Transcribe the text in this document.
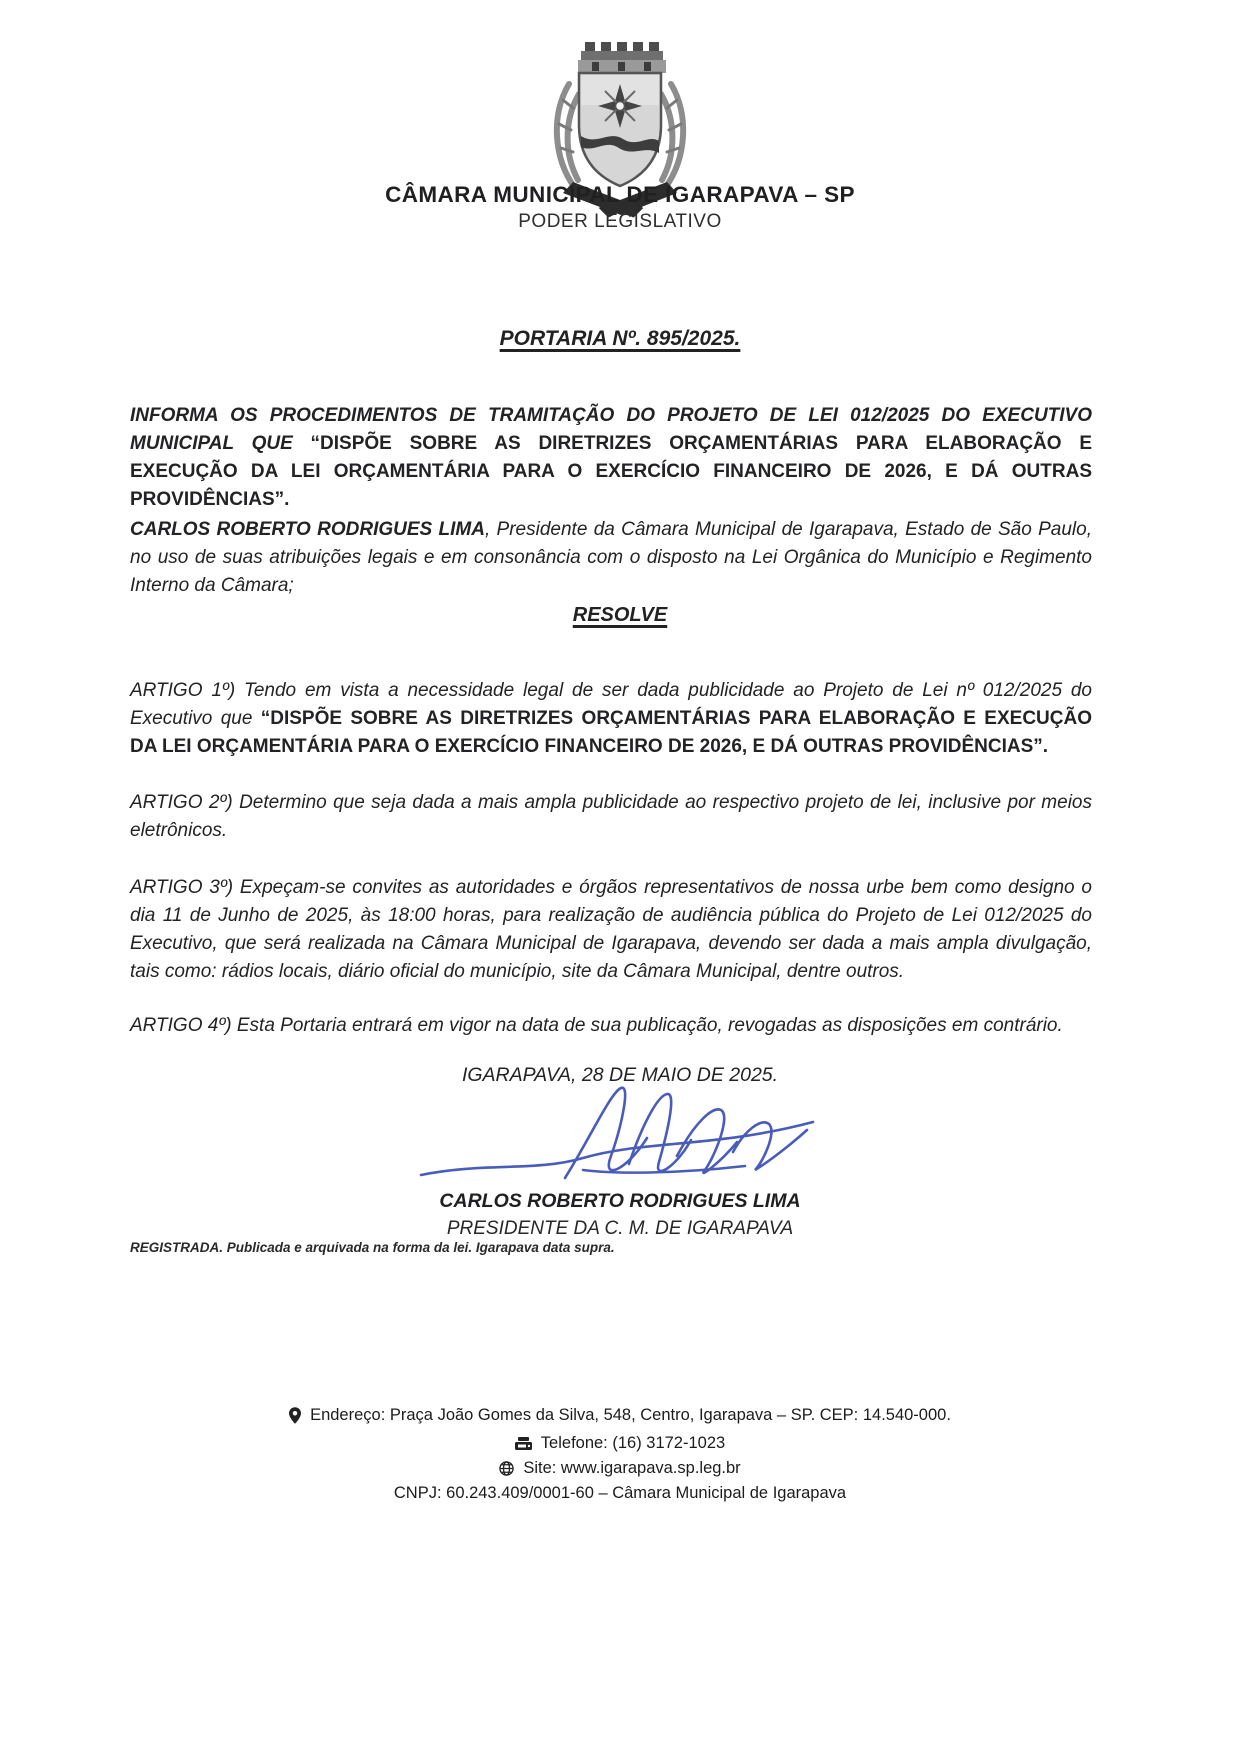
CÂMARA MUNICIPAL DE IGARAPAVA – SP
PODER LEGISLATIVO
PORTARIA Nº. 895/2025.

INFORMA OS PROCEDIMENTOS DE TRAMITAÇÃO DO PROJETO DE LEI 012/2025 DO EXECUTIVO MUNICIPAL QUE “DISPÕE SOBRE AS DIRETRIZES ORÇAMENTÁRIAS PARA ELABORAÇÃO E EXECUÇÃO DA LEI ORÇAMENTÁRIA PARA O EXERCÍCIO FINANCEIRO DE 2026, E DÁ OUTRAS PROVIDÊNCIAS”.

CARLOS ROBERTO RODRIGUES LIMA, Presidente da Câmara Municipal de Igarapava, Estado de São Paulo, no uso de suas atribuições legais e em consonância com o disposto na Lei Orgânica do Município e Regimento Interno da Câmara;

RESOLVE

ARTIGO 1º) Tendo em vista a necessidade legal de ser dada publicidade ao Projeto de Lei nº 012/2025 do Executivo que “DISPÕE SOBRE AS DIRETRIZES ORÇAMENTÁRIAS PARA ELABORAÇÃO E EXECUÇÃO DA LEI ORÇAMENTÁRIA PARA O EXERCÍCIO FINANCEIRO DE 2026, E DÁ OUTRAS PROVIDÊNCIAS”.

ARTIGO 2º) Determino que seja dada a mais ampla publicidade ao respectivo projeto de lei, inclusive por meios eletrônicos.

ARTIGO 3º) Expeçam-se convites as autoridades e órgãos representativos de nossa urbe bem como designo o dia 11 de Junho de 2025, às 18:00 horas, para realização de audiência pública do Projeto de Lei 012/2025 do Executivo, que será realizada na Câmara Municipal de Igarapava, devendo ser dada a mais ampla divulgação, tais como: rádios locais, diário oficial do município, site da Câmara Municipal, dentre outros.

ARTIGO 4º) Esta Portaria entrará em vigor na data de sua publicação, revogadas as disposições em contrário.

IGARAPAVA, 28 DE MAIO DE 2025.
CARLOS ROBERTO RODRIGUES LIMA
PRESIDENTE DA C. M. DE IGARAPAVA
REGISTRADA. Publicada e arquivada na forma da lei. Igarapava data supra.
Endereço: Praça João Gomes da Silva, 548, Centro, Igarapava – SP. CEP: 14.540-000.
Telefone: (16) 3172-1023
Site: www.igarapava.sp.leg.br
CNPJ: 60.243.409/0001-60 – Câmara Municipal de Igarapava
